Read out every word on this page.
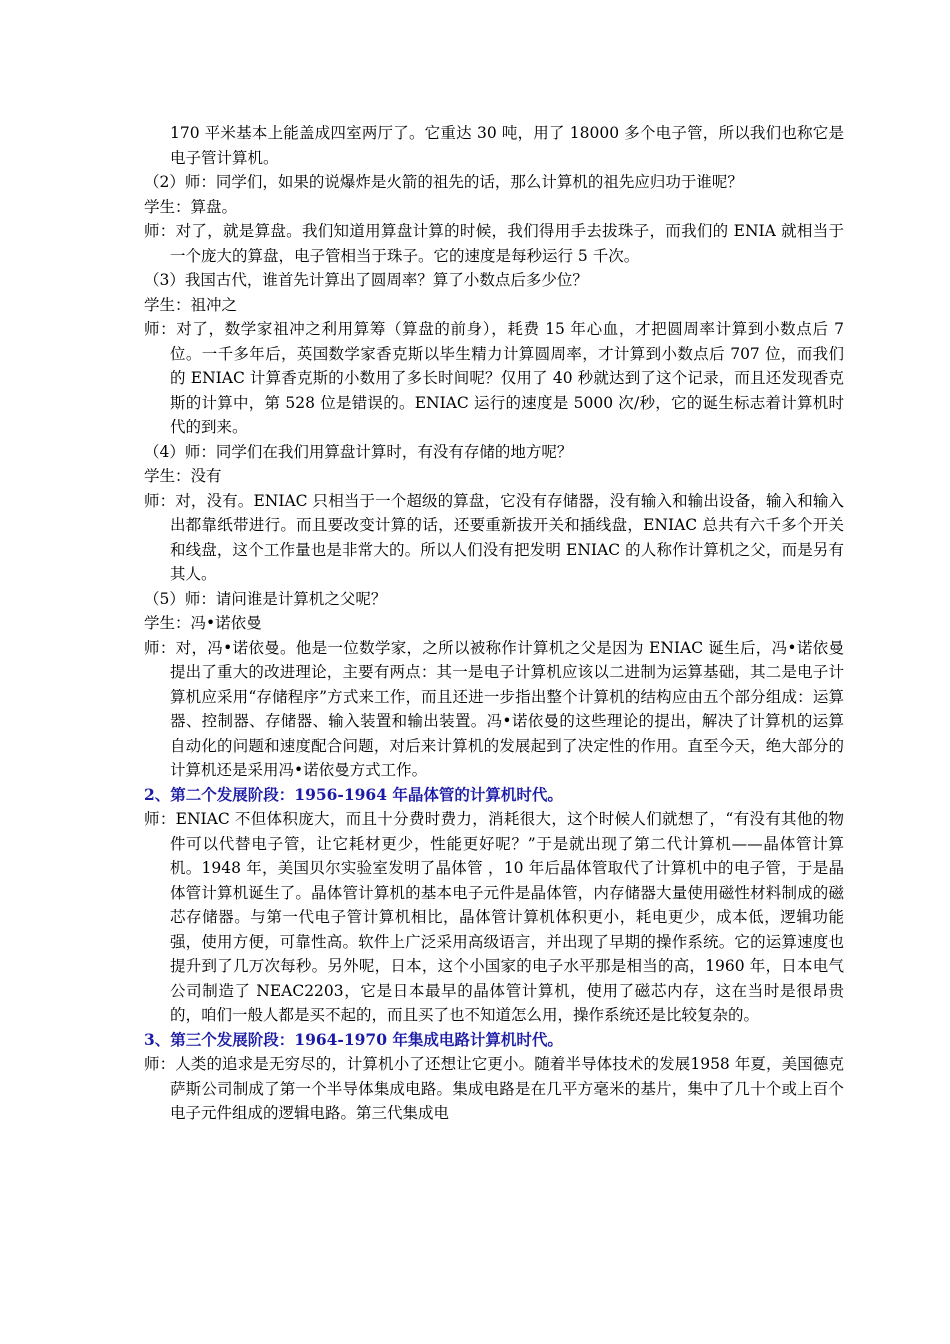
170 平米基本上能盖成四室两厅了。它重达 30 吨，用了 18000 多个电子管，所以我们也称它是电子管计算机。

（2）师：同学们，如果的说爆炸是火箭的祖先的话，那么计算机的祖先应归功于谁呢？

学生：算盘。

师：对了，就是算盘。我们知道用算盘计算的时候，我们得用手去拔珠子，而我们的 ENIA 就相当于一个庞大的算盘，电子管相当于珠子。它的速度是每秒运行 5 千次。

（3）我国古代，谁首先计算出了圆周率？算了小数点后多少位？

学生：祖冲之

师：对了，数学家祖冲之利用算筹（算盘的前身），耗费 15 年心血，才把圆周率计算到小数点后 7 位。一千多年后，英国数学家香克斯以毕生精力计算圆周率，才计算到小数点后 707 位，而我们的 ENIAC 计算香克斯的小数用了多长时间呢？仅用了 40 秒就达到了这个记录，而且还发现香克斯的计算中，第 528 位是错误的。ENIAC 运行的速度是 5000 次/秒，它的诞生标志着计算机时代的到来。

（4）师：同学们在我们用算盘计算时，有没有存储的地方呢？

学生：没有

师：对，没有。ENIAC 只相当于一个超级的算盘，它没有存储器，没有输入和输出设备，输入和输入出都靠纸带进行。而且要改变计算的话，还要重新拔开关和插线盘，ENIAC 总共有六千多个开关和线盘，这个工作量也是非常大的。所以人们没有把发明 ENIAC 的人称作计算机之父，而是另有其人。

（5）师：请问谁是计算机之父呢？

学生：冯•诺依曼

师：对，冯•诺依曼。他是一位数学家，之所以被称作计算机之父是因为 ENIAC 诞生后，冯•诺依曼提出了重大的改进理论，主要有两点：其一是电子计算机应该以二进制为运算基础，其二是电子计算机应采用“存储程序”方式来工作，而且还进一步指出整个计算机的结构应由五个部分组成：运算器、控制器、存储器、输入装置和输出装置。冯•诺依曼的这些理论的提出，解决了计算机的运算自动化的问题和速度配合问题，对后来计算机的发展起到了决定性的作用。直至今天，绝大部分的计算机还是采用冯•诺依曼方式工作。

2、第二个发展阶段：1956-1964 年晶体管的计算机时代。

师：ENIAC 不但体积庞大，而且十分费时费力，消耗很大，这个时候人们就想了，“有没有其他的物件可以代替电子管，让它耗材更少，性能更好呢？”于是就出现了第二代计算机——晶体管计算机。1948 年，美国贝尔实验室发明了晶体管 ，10 年后晶体管取代了计算机中的电子管，于是晶体管计算机诞生了。晶体管计算机的基本电子元件是晶体管，内存储器大量使用磁性材料制成的磁芯存储器。与第一代电子管计算机相比，晶体管计算机体积更小，耗电更少，成本低，逻辑功能强，使用方便，可靠性高。软件上广泛采用高级语言，并出现了早期的操作系统。它的运算速度也提升到了几万次每秒。另外呢，日本，这个小国家的电子水平那是相当的高，1960 年，日本电气公司制造了 NEAC2203，它是日本最早的晶体管计算机，使用了磁芯内存，这在当时是很昂贵的，咱们一般人都是买不起的，而且买了也不知道怎么用，操作系统还是比较复杂的。

3、第三个发展阶段：1964-1970 年集成电路计算机时代。

师：人类的追求是无穷尽的，计算机小了还想让它更小。随着半导体技术的发展1958 年夏，美国德克萨斯公司制成了第一个半导体集成电路。集成电路是在几平方毫米的基片，集中了几十个或上百个电子元件组成的逻辑电路。第三代集成电
